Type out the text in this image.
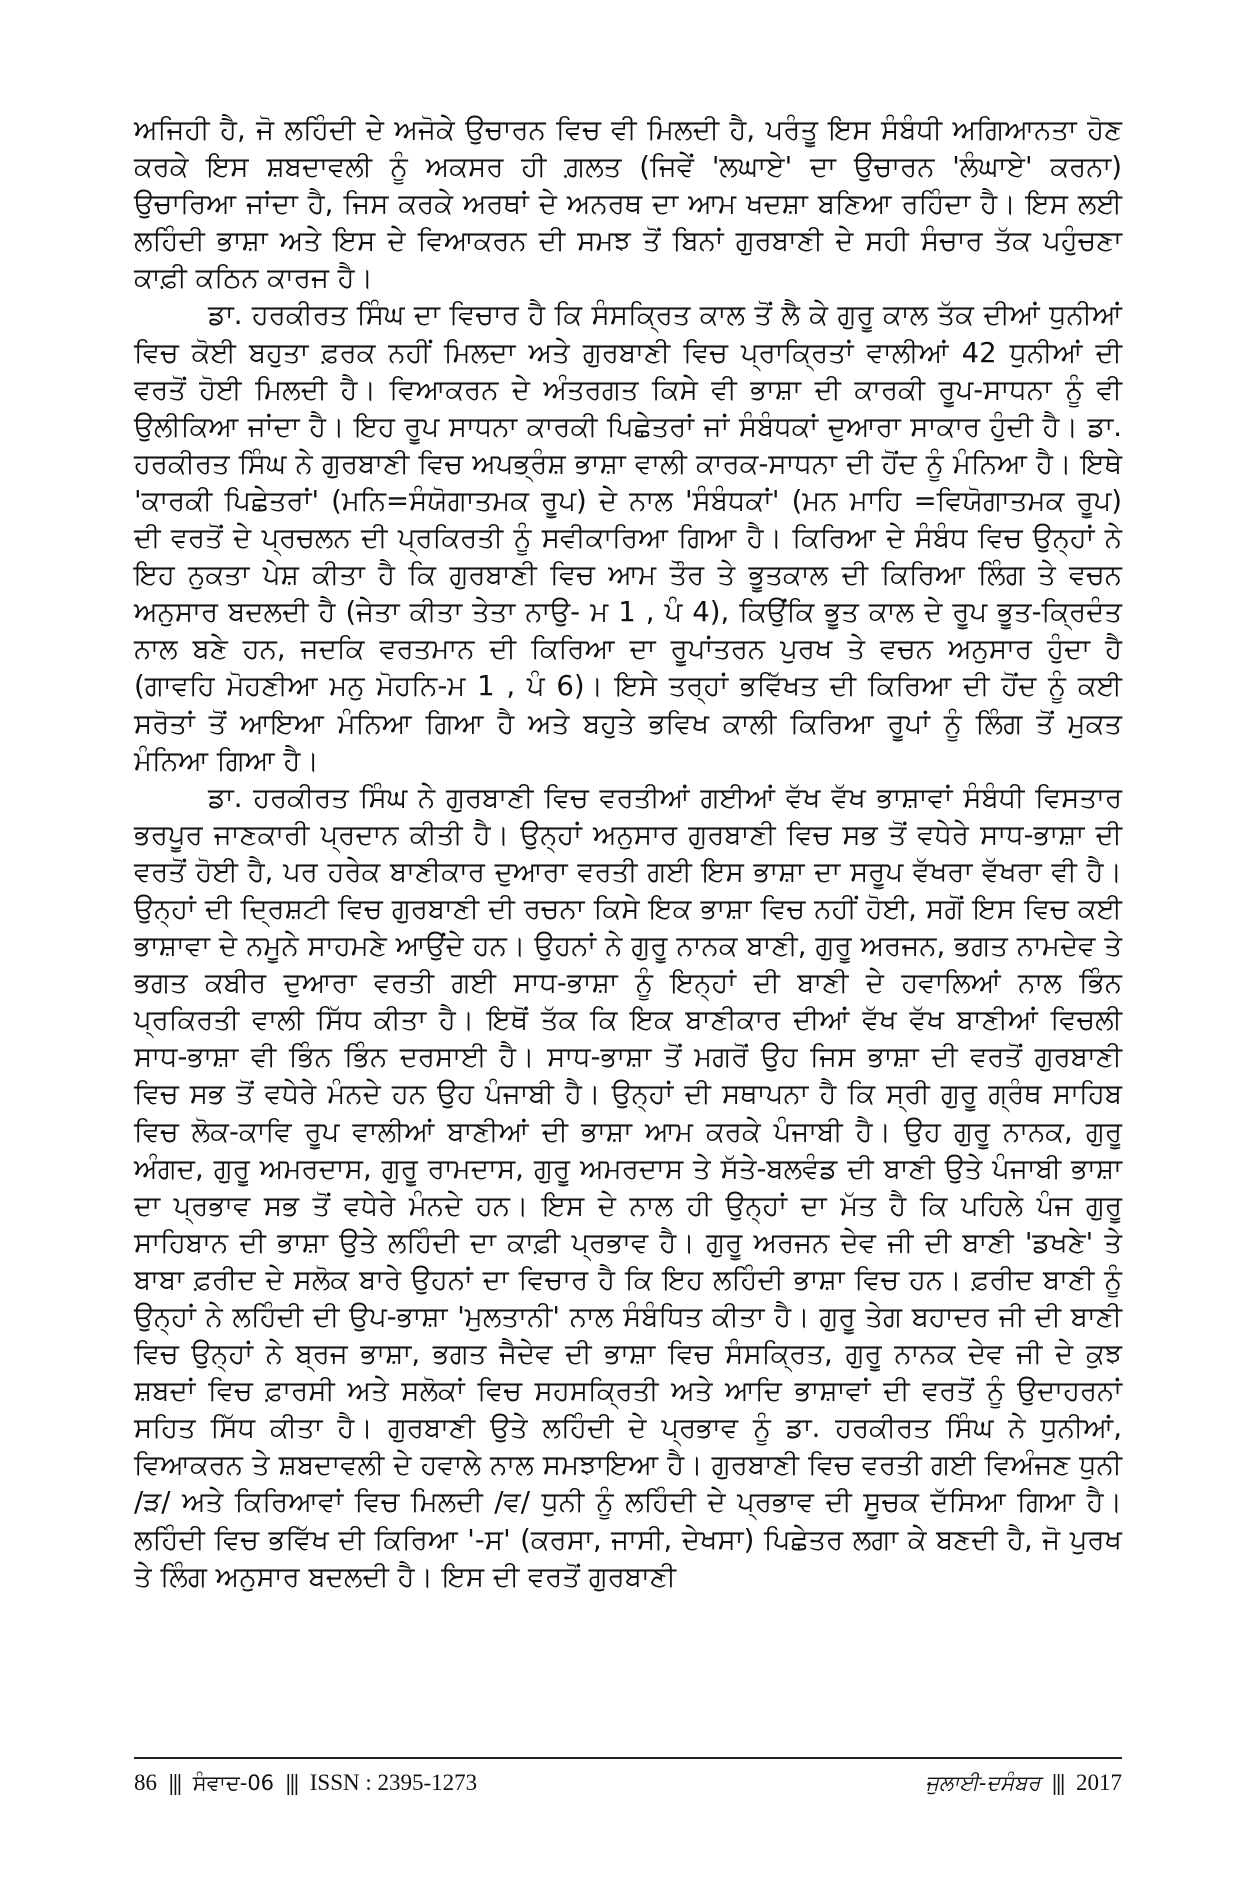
ਅਜਿਹੀ ਹੈ, ਜੋ ਲਹਿੰਦੀ ਦੇ ਅਜੋਕੇ ਉਚਾਰਨ ਵਿਚ ਵੀ ਮਿਲਦੀ ਹੈ, ਪਰੰਤੂ ਇਸ ਸੰਬੰਧੀ ਅਗਿਆਨਤਾ ਹੋਣ ਕਰਕੇ ਇਸ ਸ਼ਬਦਾਵਲੀ ਨੂੰ ਅਕਸਰ ਹੀ ਗ਼ਲਤ (ਜਿਵੇਂ 'ਲਘਾਏ' ਦਾ ਉਚਾਰਨ 'ਲੰਘਾਏ' ਕਰਨਾ) ਉਚਾਰਿਆ ਜਾਂਦਾ ਹੈ, ਜਿਸ ਕਰਕੇ ਅਰਥਾਂ ਦੇ ਅਨਰਥ ਦਾ ਆਮ ਖਦਸ਼ਾ ਬਣਿਆ ਰਹਿੰਦਾ ਹੈ। ਇਸ ਲਈ ਲਹਿੰਦੀ ਭਾਸ਼ਾ ਅਤੇ ਇਸ ਦੇ ਵਿਆਕਰਨ ਦੀ ਸਮਝ ਤੋਂ ਬਿਨਾਂ ਗੁਰਬਾਣੀ ਦੇ ਸਹੀ ਸੰਚਾਰ ਤੱਕ ਪਹੁੰਚਣਾ ਕਾਫ਼ੀ ਕਠਿਨ ਕਾਰਜ ਹੈ।

ਡਾ. ਹਰਕੀਰਤ ਸਿੰਘ ਦਾ ਵਿਚਾਰ ਹੈ ਕਿ ਸੰਸਕ੍ਰਿਤ ਕਾਲ ਤੋਂ ਲੈ ਕੇ ਗੁਰੂ ਕਾਲ ਤੱਕ ਦੀਆਂ ਧੁਨੀਆਂ ਵਿਚ ਕੋਈ ਬਹੁਤਾ ਫ਼ਰਕ ਨਹੀਂ ਮਿਲਦਾ ਅਤੇ ਗੁਰਬਾਣੀ ਵਿਚ ਪ੍ਰਾਕ੍ਰਿਤਾਂ ਵਾਲੀਆਂ 42 ਧੁਨੀਆਂ ਦੀ ਵਰਤੋਂ ਹੋਈ ਮਿਲਦੀ ਹੈ। ਵਿਆਕਰਨ ਦੇ ਅੰਤਰਗਤ ਕਿਸੇ ਵੀ ਭਾਸ਼ਾ ਦੀ ਕਾਰਕੀ ਰੂਪ-ਸਾਧਨਾ ਨੂੰ ਵੀ ਉਲੀਕਿਆ ਜਾਂਦਾ ਹੈ। ਇਹ ਰੂਪ ਸਾਧਨਾ ਕਾਰਕੀ ਪਿਛੇਤਰਾਂ ਜਾਂ ਸੰਬੰਧਕਾਂ ਦੁਆਰਾ ਸਾਕਾਰ ਹੁੰਦੀ ਹੈ। ਡਾ. ਹਰਕੀਰਤ ਸਿੰਘ ਨੇ ਗੁਰਬਾਣੀ ਵਿਚ ਅਪਭ੍ਰੰਸ਼ ਭਾਸ਼ਾ ਵਾਲੀ ਕਾਰਕ-ਸਾਧਨਾ ਦੀ ਹੋਂਦ ਨੂੰ ਮੰਨਿਆ ਹੈ। ਇਥੇ 'ਕਾਰਕੀ ਪਿਛੇਤਰਾਂ' (ਮਨਿ=ਸੰਯੋਗਾਤਮਕ ਰੂਪ) ਦੇ ਨਾਲ 'ਸੰਬੰਧਕਾਂ' (ਮਨ ਮਾਹਿ =ਵਿਯੋਗਾਤਮਕ ਰੂਪ) ਦੀ ਵਰਤੋਂ ਦੇ ਪ੍ਰਚਲਨ ਦੀ ਪ੍ਰਕਿਰਤੀ ਨੂੰ ਸਵੀਕਾਰਿਆ ਗਿਆ ਹੈ। ਕਿਰਿਆ ਦੇ ਸੰਬੰਧ ਵਿਚ ਉਨ੍ਹਾਂ ਨੇ ਇਹ ਨੁਕਤਾ ਪੇਸ਼ ਕੀਤਾ ਹੈ ਕਿ ਗੁਰਬਾਣੀ ਵਿਚ ਆਮ ਤੌਰ ਤੇ ਭੂਤਕਾਲ ਦੀ ਕਿਰਿਆ ਲਿੰਗ ਤੇ ਵਚਨ ਅਨੁਸਾਰ ਬਦਲਦੀ ਹੈ (ਜੇਤਾ ਕੀਤਾ ਤੇਤਾ ਨਾਉ- ਮ 1 , ਪੰ 4), ਕਿਉਂਕਿ ਭੂਤ ਕਾਲ ਦੇ ਰੂਪ ਭੂਤ-ਕ੍ਰਿਦੰਤ ਨਾਲ ਬਣੇ ਹਨ, ਜਦਕਿ ਵਰਤਮਾਨ ਦੀ ਕਿਰਿਆ ਦਾ ਰੂਪਾਂਤਰਨ ਪੁਰਖ ਤੇ ਵਚਨ ਅਨੁਸਾਰ ਹੁੰਦਾ ਹੈ (ਗਾਵਹਿ ਮੋਹਣੀਆ ਮਨੁ ਮੋਹਨਿ-ਮ 1 , ਪੰ 6)। ਇਸੇ ਤਰ੍ਹਾਂ ਭਵਿੱਖਤ ਦੀ ਕਿਰਿਆ ਦੀ ਹੋਂਦ ਨੂੰ ਕਈ ਸਰੋਤਾਂ ਤੋਂ ਆਇਆ ਮੰਨਿਆ ਗਿਆ ਹੈ ਅਤੇ ਬਹੁਤੇ ਭਵਿਖ ਕਾਲੀ ਕਿਰਿਆ ਰੂਪਾਂ ਨੂੰ ਲਿੰਗ ਤੋਂ ਮੁਕਤ ਮੰਨਿਆ ਗਿਆ ਹੈ।

ਡਾ. ਹਰਕੀਰਤ ਸਿੰਘ ਨੇ ਗੁਰਬਾਣੀ ਵਿਚ ਵਰਤੀਆਂ ਗਈਆਂ ਵੱਖ ਵੱਖ ਭਾਸ਼ਾਵਾਂ ਸੰਬੰਧੀ ਵਿਸਤਾਰ ਭਰਪੂਰ ਜਾਣਕਾਰੀ ਪ੍ਰਦਾਨ ਕੀਤੀ ਹੈ। ਉਨ੍ਹਾਂ ਅਨੁਸਾਰ ਗੁਰਬਾਣੀ ਵਿਚ ਸਭ ਤੋਂ ਵਧੇਰੇ ਸਾਧ-ਭਾਸ਼ਾ ਦੀ ਵਰਤੋਂ ਹੋਈ ਹੈ, ਪਰ ਹਰੇਕ ਬਾਣੀਕਾਰ ਦੁਆਰਾ ਵਰਤੀ ਗਈ ਇਸ ਭਾਸ਼ਾ ਦਾ ਸਰੂਪ ਵੱਖਰਾ ਵੱਖਰਾ ਵੀ ਹੈ। ਉਨ੍ਹਾਂ ਦੀ ਦ੍ਰਿਸ਼ਟੀ ਵਿਚ ਗੁਰਬਾਣੀ ਦੀ ਰਚਨਾ ਕਿਸੇ ਇਕ ਭਾਸ਼ਾ ਵਿਚ ਨਹੀਂ ਹੋਈ, ਸਗੋਂ ਇਸ ਵਿਚ ਕਈ ਭਾਸ਼ਾਵਾ ਦੇ ਨਮੂਨੇ ਸਾਹਮਣੇ ਆਉਂਦੇ ਹਨ। ਉਹਨਾਂ ਨੇ ਗੁਰੂ ਨਾਨਕ ਬਾਣੀ, ਗੁਰੂ ਅਰਜਨ, ਭਗਤ ਨਾਮਦੇਵ ਤੇ ਭਗਤ ਕਬੀਰ ਦੁਆਰਾ ਵਰਤੀ ਗਈ ਸਾਧ-ਭਾਸ਼ਾ ਨੂੰ ਇਨ੍ਹਾਂ ਦੀ ਬਾਣੀ ਦੇ ਹਵਾਲਿਆਂ ਨਾਲ ਭਿੰਨ ਪ੍ਰਕਿਰਤੀ ਵਾਲੀ ਸਿੱਧ ਕੀਤਾ ਹੈ। ਇਥੋਂ ਤੱਕ ਕਿ ਇਕ ਬਾਣੀਕਾਰ ਦੀਆਂ ਵੱਖ ਵੱਖ ਬਾਣੀਆਂ ਵਿਚਲੀ ਸਾਧ-ਭਾਸ਼ਾ ਵੀ ਭਿੰਨ ਭਿੰਨ ਦਰਸਾਈ ਹੈ। ਸਾਧ-ਭਾਸ਼ਾ ਤੋਂ ਮਗਰੋਂ ਉਹ ਜਿਸ ਭਾਸ਼ਾ ਦੀ ਵਰਤੋਂ ਗੁਰਬਾਣੀ ਵਿਚ ਸਭ ਤੋਂ ਵਧੇਰੇ ਮੰਨਦੇ ਹਨ ਉਹ ਪੰਜਾਬੀ ਹੈ। ਉਨ੍ਹਾਂ ਦੀ ਸਥਾਪਨਾ ਹੈ ਕਿ ਸ੍ਰੀ ਗੁਰੂ ਗ੍ਰੰਥ ਸਾਹਿਬ ਵਿਚ ਲੋਕ-ਕਾਵਿ ਰੂਪ ਵਾਲੀਆਂ ਬਾਣੀਆਂ ਦੀ ਭਾਸ਼ਾ ਆਮ ਕਰਕੇ ਪੰਜਾਬੀ ਹੈ। ਉਹ ਗੁਰੂ ਨਾਨਕ, ਗੁਰੂ ਅੰਗਦ, ਗੁਰੂ ਅਮਰਦਾਸ, ਗੁਰੂ ਰਾਮਦਾਸ, ਗੁਰੂ ਅਮਰਦਾਸ ਤੇ ਸੱਤੇ-ਬਲਵੰਡ ਦੀ ਬਾਣੀ ਉਤੇ ਪੰਜਾਬੀ ਭਾਸ਼ਾ ਦਾ ਪ੍ਰਭਾਵ ਸਭ ਤੋਂ ਵਧੇਰੇ ਮੰਨਦੇ ਹਨ। ਇਸ ਦੇ ਨਾਲ ਹੀ ਉਨ੍ਹਾਂ ਦਾ ਮੱਤ ਹੈ ਕਿ ਪਹਿਲੇ ਪੰਜ ਗੁਰੂ ਸਾਹਿਬਾਨ ਦੀ ਭਾਸ਼ਾ ਉਤੇ ਲਹਿੰਦੀ ਦਾ ਕਾਫ਼ੀ ਪ੍ਰਭਾਵ ਹੈ। ਗੁਰੂ ਅਰਜਨ ਦੇਵ ਜੀ ਦੀ ਬਾਣੀ 'ਡਖਣੇ' ਤੇ ਬਾਬਾ ਫ਼ਰੀਦ ਦੇ ਸਲੋਕ ਬਾਰੇ ਉਹਨਾਂ ਦਾ ਵਿਚਾਰ ਹੈ ਕਿ ਇਹ ਲਹਿੰਦੀ ਭਾਸ਼ਾ ਵਿਚ ਹਨ। ਫ਼ਰੀਦ ਬਾਣੀ ਨੂੰ ਉਨ੍ਹਾਂ ਨੇ ਲਹਿੰਦੀ ਦੀ ਉਪ-ਭਾਸ਼ਾ 'ਮੁਲਤਾਨੀ' ਨਾਲ ਸੰਬੰਧਿਤ ਕੀਤਾ ਹੈ। ਗੁਰੂ ਤੇਗ ਬਹਾਦਰ ਜੀ ਦੀ ਬਾਣੀ ਵਿਚ ਉਨ੍ਹਾਂ ਨੇ ਬ੍ਰਜ ਭਾਸ਼ਾ, ਭਗਤ ਜੈਦੇਵ ਦੀ ਭਾਸ਼ਾ ਵਿਚ ਸੰਸਕ੍ਰਿਤ, ਗੁਰੂ ਨਾਨਕ ਦੇਵ ਜੀ ਦੇ ਕੁਝ ਸ਼ਬਦਾਂ ਵਿਚ ਫ਼ਾਰਸੀ ਅਤੇ ਸਲੋਕਾਂ ਵਿਚ ਸਹਸਕ੍ਰਿਤੀ ਅਤੇ ਆਦਿ ਭਾਸ਼ਾਵਾਂ ਦੀ ਵਰਤੋਂ ਨੂੰ ਉਦਾਹਰਨਾਂ ਸਹਿਤ ਸਿੱਧ ਕੀਤਾ ਹੈ। ਗੁਰਬਾਣੀ ਉਤੇ ਲਹਿੰਦੀ ਦੇ ਪ੍ਰਭਾਵ ਨੂੰ ਡਾ. ਹਰਕੀਰਤ ਸਿੰਘ ਨੇ ਧੁਨੀਆਂ, ਵਿਆਕਰਨ ਤੇ ਸ਼ਬਦਾਵਲੀ ਦੇ ਹਵਾਲੇ ਨਾਲ ਸਮਝਾਇਆ ਹੈ। ਗੁਰਬਾਣੀ ਵਿਚ ਵਰਤੀ ਗਈ ਵਿਅੰਜਣ ਧੁਨੀ /ੜ/ ਅਤੇ ਕਿਰਿਆਵਾਂ ਵਿਚ ਮਿਲਦੀ /ਵ/ ਧੁਨੀ ਨੂੰ ਲਹਿੰਦੀ ਦੇ ਪ੍ਰਭਾਵ ਦੀ ਸੂਚਕ ਦੱਸਿਆ ਗਿਆ ਹੈ। ਲਹਿੰਦੀ ਵਿਚ ਭਵਿੱਖ ਦੀ ਕਿਰਿਆ '-ਸ' (ਕਰਸਾ, ਜਾਸੀ, ਦੇਖਸਾ) ਪਿਛੇਤਰ ਲਗਾ ਕੇ ਬਣਦੀ ਹੈ, ਜੋ ਪੁਰਖ ਤੇ ਲਿੰਗ ਅਨੁਸਾਰ ਬਦਲਦੀ ਹੈ। ਇਸ ਦੀ ਵਰਤੋਂ ਗੁਰਬਾਣੀ

86 ||| ਸੰਵਾਦ-06 ||| ISSN : 2395-1273	ਜੁਲਾਈ-ਦਸੰਬਰ ||| 2017
